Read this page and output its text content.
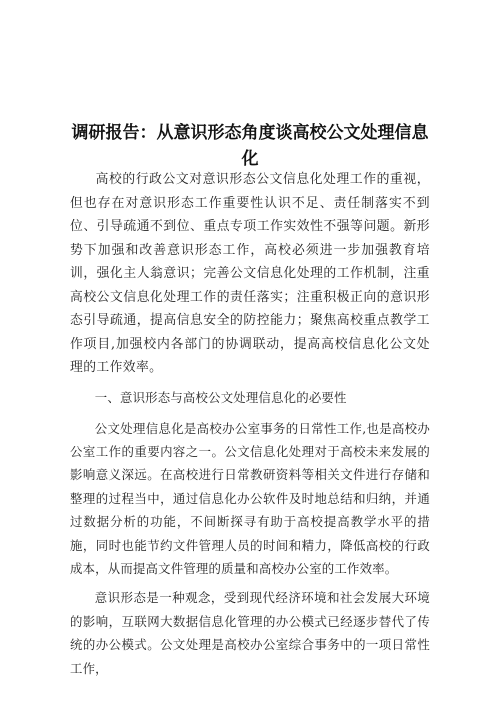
调研报告：从意识形态角度谈高校公文处理信息化

高校的行政公文对意识形态公文信息化处理工作的重视，但也存在对意识形态工作重要性认识不足、责任制落实不到位、引导疏通不到位、重点专项工作实效性不强等问题。新形势下加强和改善意识形态工作，高校必须进一步加强教育培训，强化主人翁意识；完善公文信息化处理的工作机制，注重高校公文信息化处理工作的责任落实；注重积极正向的意识形态引导疏通，提高信息安全的防控能力；聚焦高校重点教学工作项目,加强校内各部门的协调联动，提高高校信息化公文处理的工作效率。

一、意识形态与高校公文处理信息化的必要性

公文处理信息化是高校办公室事务的日常性工作,也是高校办公室工作的重要内容之一。公文信息化处理对于高校未来发展的影响意义深远。在高校进行日常教研资料等相关文件进行存储和整理的过程当中，通过信息化办公软件及时地总结和归纳，并通过数据分析的功能，不间断探寻有助于高校提高教学水平的措施，同时也能节约文件管理人员的时间和精力，降低高校的行政成本，从而提高文件管理的质量和高校办公室的工作效率。

意识形态是一种观念，受到现代经济环境和社会发展大环境的影响，互联网大数据信息化管理的办公模式已经逐步替代了传统的办公模式。公文处理是高校办公室综合事务中的一项日常性工作，
